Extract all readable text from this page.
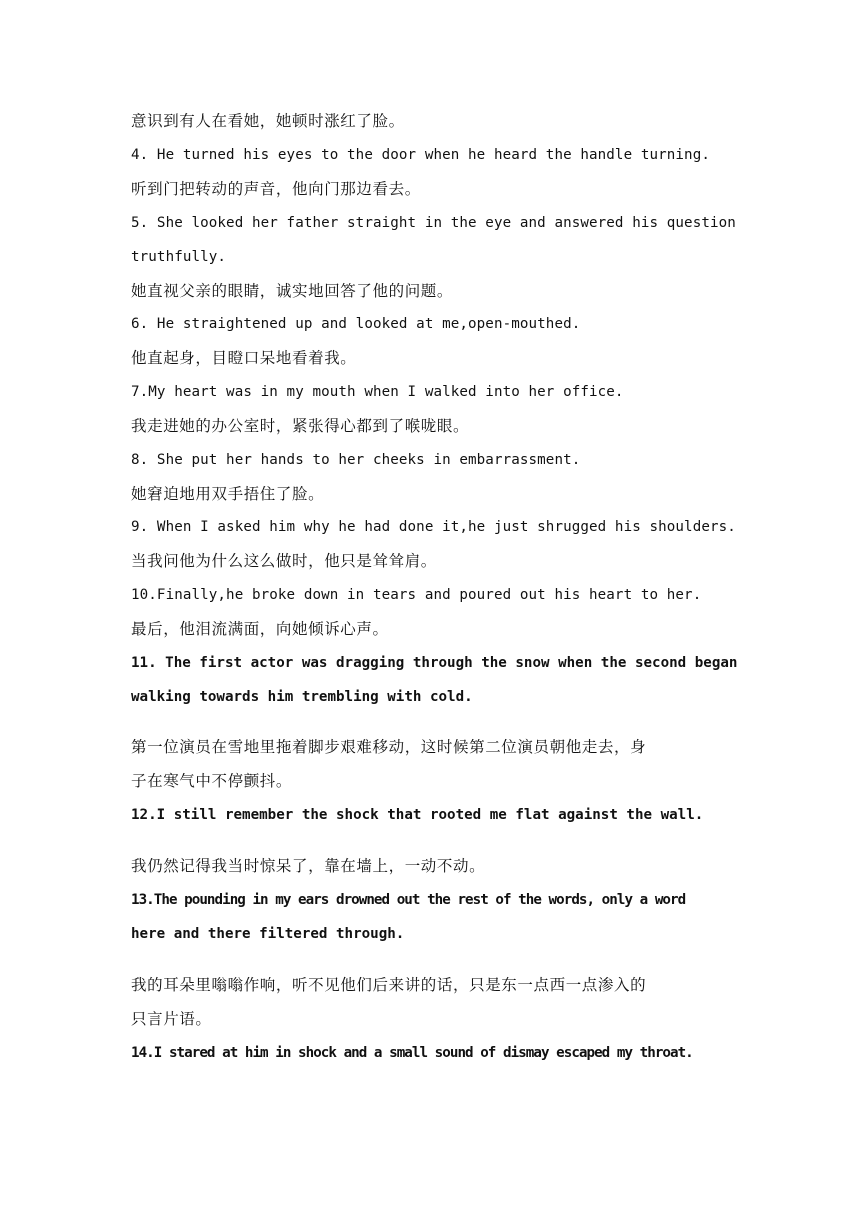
意识到有人在看她，她顿时涨红了脸。
4. He turned his eyes to the door when he heard the handle turning.
听到门把转动的声音，他向门那边看去。
5. She looked her father straight in the eye and answered his question
truthfully.
她直视父亲的眼睛，诚实地回答了他的问题。
6. He straightened up and looked at me,open-mouthed.
他直起身，目瞪口呆地看着我。
7.My heart was in my mouth when I walked into her office.
我走进她的办公室时，紧张得心都到了喉咙眼。
8. She put her hands to her cheeks in embarrassment.
她窘迫地用双手捂住了脸。
9. When I asked him why he had done it,he just shrugged his shoulders.
当我问他为什么这么做时，他只是耸耸肩。
10.Finally,he broke down in tears and poured out his heart to her.
最后，他泪流满面，向她倾诉心声。
11. The first actor was dragging through the snow when the second began
walking towards him trembling with cold.
第一位演员在雪地里拖着脚步艰难移动，这时候第二位演员朝他走去，身
子在寒气中不停颤抖。
12.I still remember the shock that rooted me flat against the wall.
我仍然记得我当时惊呆了，靠在墙上，一动不动。
13.The pounding in my ears drowned out the rest of the words, only a word
here and there filtered through.
我的耳朵里嗡嗡作响，听不见他们后来讲的话，只是东一点西一点渗入的
只言片语。
14.I stared at him in shock and a small sound of dismay escaped my throat.
